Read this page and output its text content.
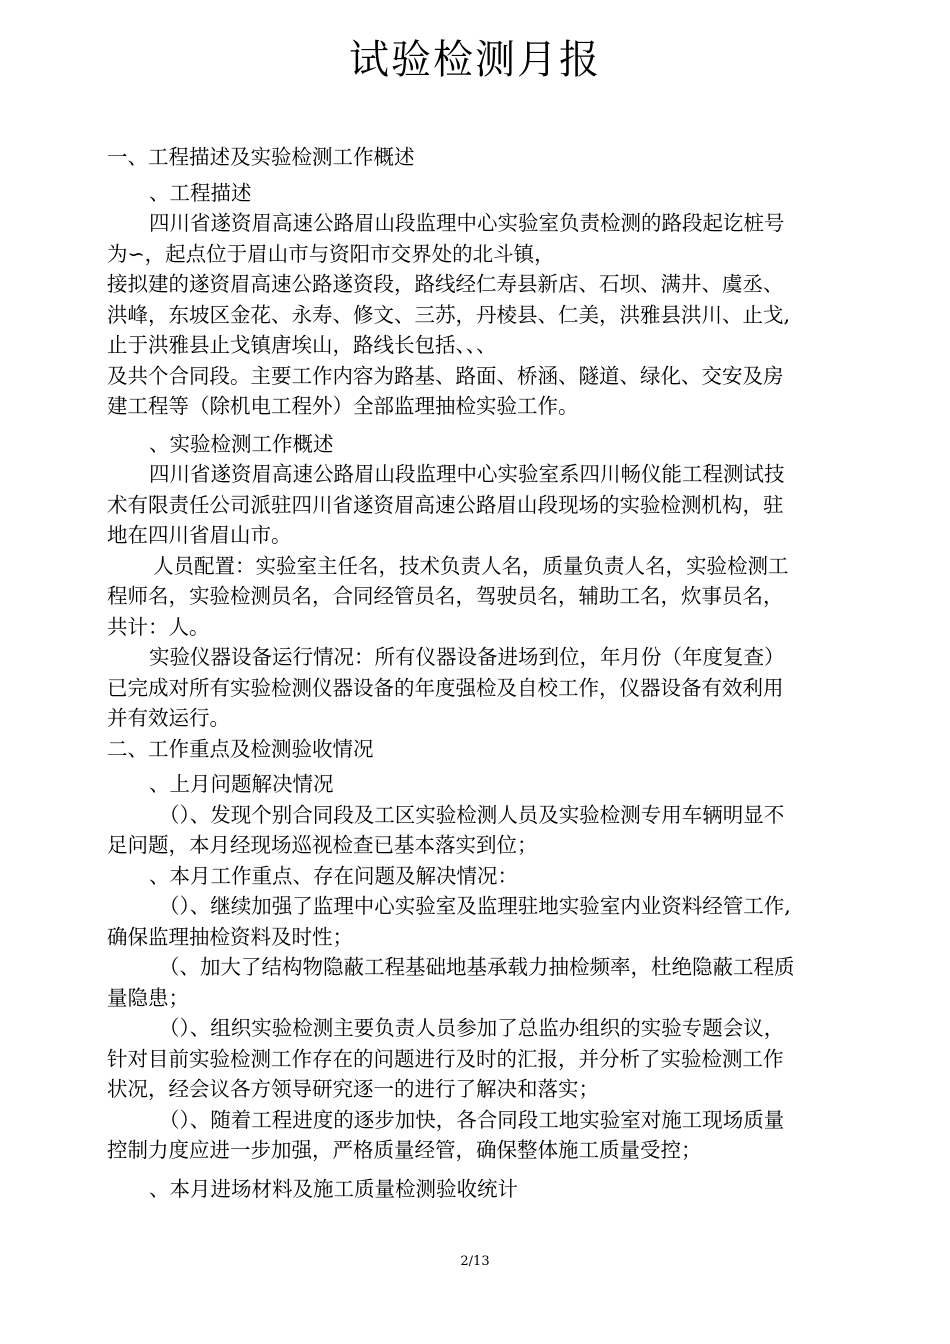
试验检测月报
一、工程描述及实验检测工作概述
、工程描述
四川省遂资眉高速公路眉山段监理中心实验室负责检测的路段起讫桩号
为∽，起点位于眉山市与资阳市交界处的北斗镇，
接拟建的遂资眉高速公路遂资段，路线经仁寿县新店、石坝、满井、虞丞、
洪峰，东坡区金花、永寿、修文、三苏，丹棱县、仁美，洪雅县洪川、止戈,
止于洪雅县止戈镇唐埃山，路线长包括、、、
及共个合同段。主要工作内容为路基、路面、桥涵、隧道、绿化、交安及房
建工程等（除机电工程外）全部监理抽检实验工作。
、实验检测工作概述
四川省遂资眉高速公路眉山段监理中心实验室系四川畅仪能工程测试技
术有限责任公司派驻四川省遂资眉高速公路眉山段现场的实验检测机构，驻
地在四川省眉山市。
人员配置：实验室主任名，技术负责人名，质量负责人名，实验检测工
程师名，实验检测员名，合同经管员名，驾驶员名，辅助工名，炊事员名，
共计：人。
实验仪器设备运行情况：所有仪器设备进场到位，年月份（年度复查）
已完成对所有实验检测仪器设备的年度强检及自校工作，仪器设备有效利用
并有效运行。
二、工作重点及检测验收情况
、上月问题解决情况
（）、发现个别合同段及工区实验检测人员及实验检测专用车辆明显不
足问题，本月经现场巡视检查已基本落实到位；
、本月工作重点、存在问题及解决情况：
（）、继续加强了监理中心实验室及监理驻地实验室内业资料经管工作,
确保监理抽检资料及时性；
（、加大了结构物隐蔽工程基础地基承载力抽检频率，杜绝隐蔽工程质
量隐患；
（）、组织实验检测主要负责人员参加了总监办组织的实验专题会议，
针对目前实验检测工作存在的问题进行及时的汇报，并分析了实验检测工作
状况，经会议各方领导研究逐一的进行了解决和落实；
（）、随着工程进度的逐步加快，各合同段工地实验室对施工现场质量
控制力度应进一步加强，严格质量经管，确保整体施工质量受控；
、本月进场材料及施工质量检测验收统计
2/13
